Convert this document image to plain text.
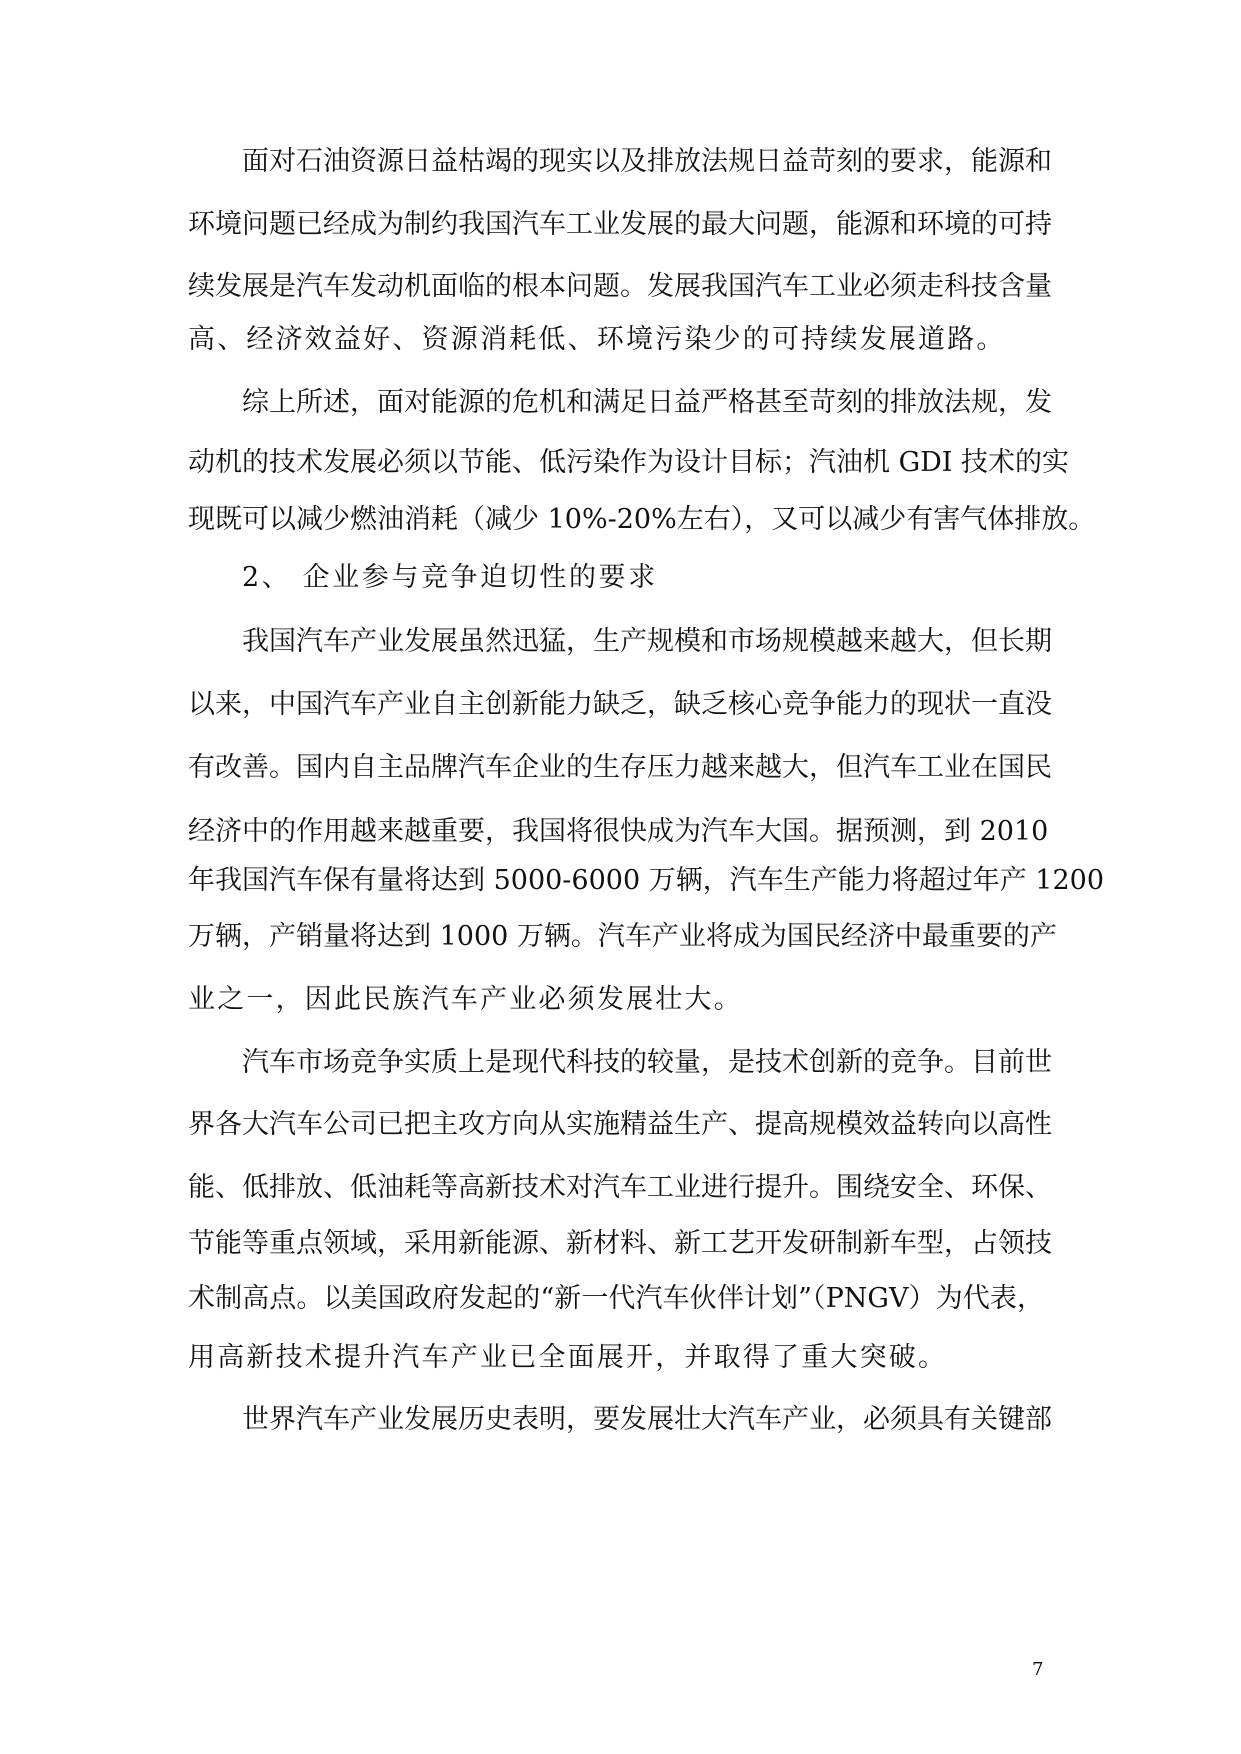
面对石油资源日益枯竭的现实以及排放法规日益苛刻的要求，能源和
环境问题已经成为制约我国汽车工业发展的最大问题，能源和环境的可持
续发展是汽车发动机面临的根本问题。发展我国汽车工业必须走科技含量
高、经济效益好、资源消耗低、环境污染少的可持续发展道路。
综上所述，面对能源的危机和满足日益严格甚至苛刻的排放法规，发
动机的技术发展必须以节能、低污染作为设计目标；汽油机 GDI 技术的实
现既可以减少燃油消耗（减少 10%-20%左右），又可以减少有害气体排放。
2、 企业参与竞争迫切性的要求
我国汽车产业发展虽然迅猛，生产规模和市场规模越来越大，但长期
以来，中国汽车产业自主创新能力缺乏，缺乏核心竞争能力的现状一直没
有改善。国内自主品牌汽车企业的生存压力越来越大，但汽车工业在国民
经济中的作用越来越重要，我国将很快成为汽车大国。据预测，到 2010
年我国汽车保有量将达到 5000-6000 万辆，汽车生产能力将超过年产 1200
万辆，产销量将达到 1000 万辆。汽车产业将成为国民经济中最重要的产
业之一，因此民族汽车产业必须发展壮大。
汽车市场竞争实质上是现代科技的较量，是技术创新的竞争。目前世
界各大汽车公司已把主攻方向从实施精益生产、提高规模效益转向以高性
能、低排放、低油耗等高新技术对汽车工业进行提升。围绕安全、环保、
节能等重点领域，采用新能源、新材料、新工艺开发研制新车型，占领技
术制高点。以美国政府发起的“新一代汽车伙伴计划”（PNGV）为代表，
用高新技术提升汽车产业已全面展开，并取得了重大突破。
世界汽车产业发展历史表明，要发展壮大汽车产业，必须具有关键部
7
